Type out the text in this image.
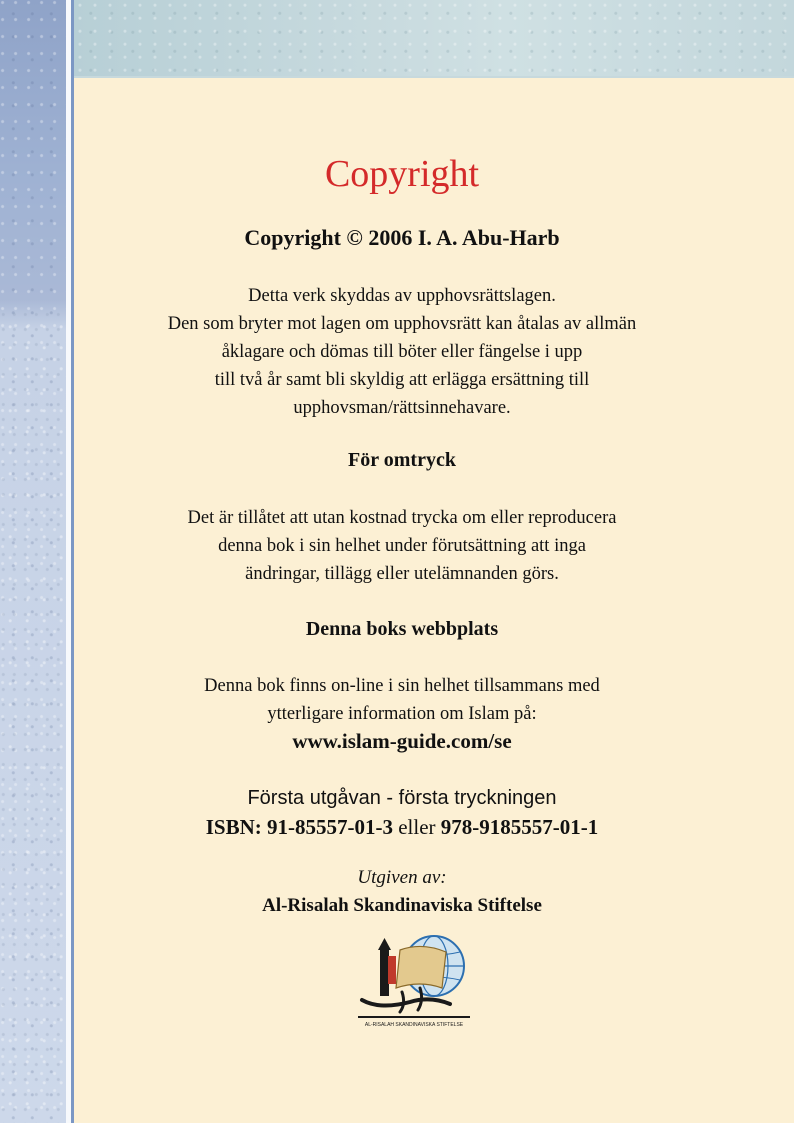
Copyright
Copyright © 2006 I. A. Abu-Harb
Detta verk skyddas av upphovsrättslagen.
Den som bryter mot lagen om upphovsrätt kan åtalas av allmän
åklagare och dömas till böter eller fängelse i upp
till två år samt bli skyldig att erlägga ersättning till
upphovsman/rättsinnehavare.
För omtryck
Det är tillåtet att utan kostnad trycka om eller reproducera
denna bok i sin helhet under förutsättning att inga
ändringar, tillägg eller utelämnanden görs.
Denna boks webbplats
Denna bok finns on-line i sin helhet tillsammans med
ytterligare information om Islam på:
www.islam-guide.com/se
Första utgåvan - första tryckningen
ISBN: 91-85557-01-3 eller 978-9185557-01-1
Utgiven av:
Al-Risalah Skandinaviska Stiftelse
AL-RISALAH SKANDINAVISKA STIFTELSE
